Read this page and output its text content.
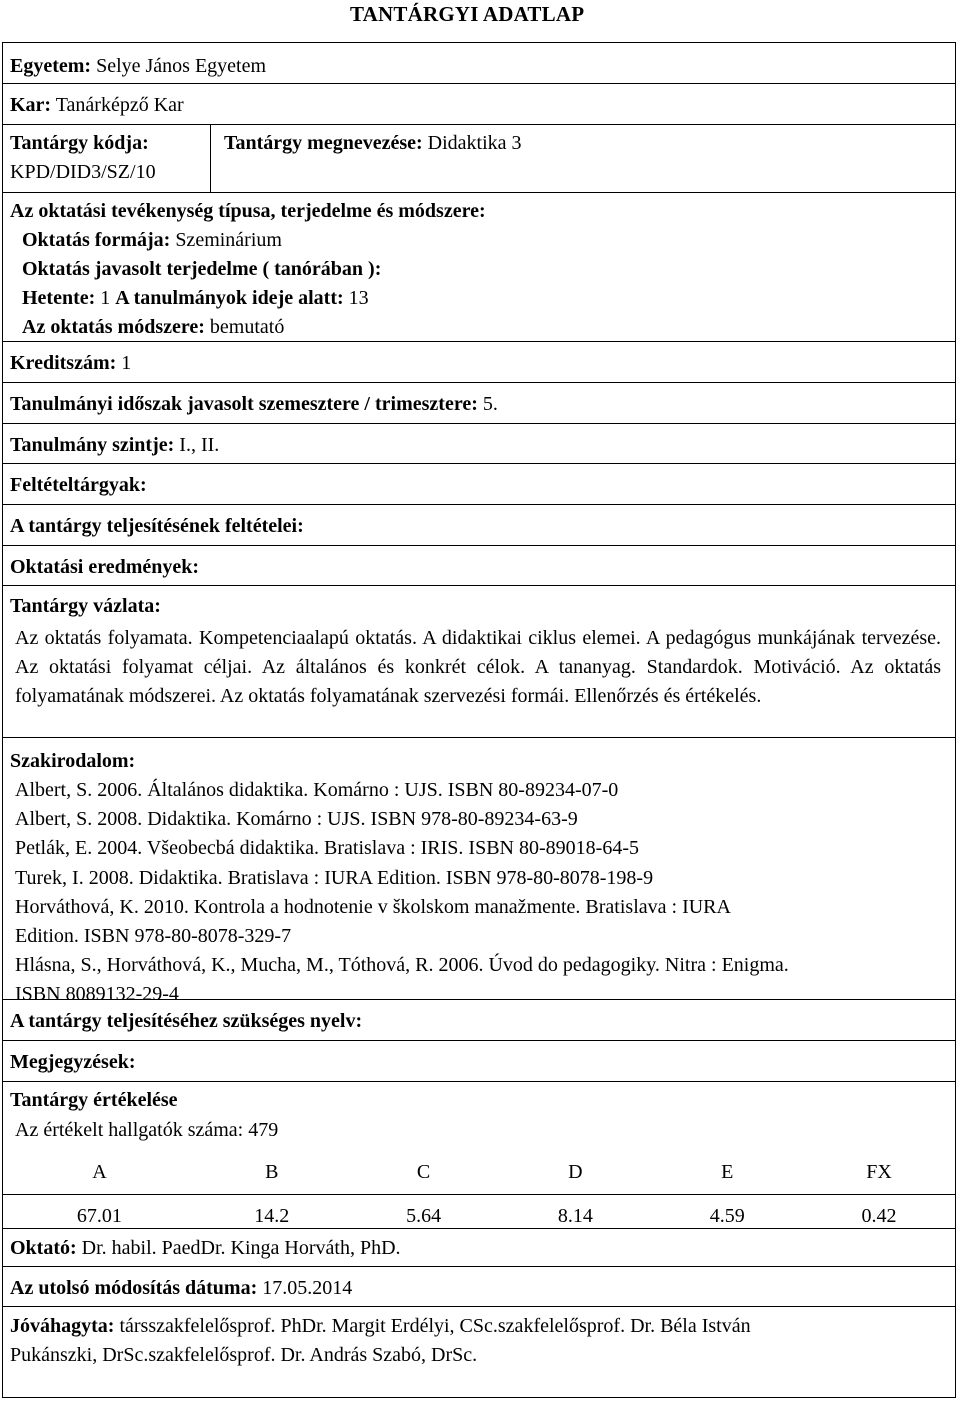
TANTÁRGYI ADATLAP
Egyetem: Selye János Egyetem
Kar: Tanárképző Kar
Tantárgy kódja:
KPD/DID3/SZ/10
Tantárgy megnevezése: Didaktika 3
Az oktatási tevékenység típusa, terjedelme és módszere:
Oktatás formája: Szeminárium
Oktatás javasolt terjedelme ( tanórában ):
Hetente: 1 A tanulmányok ideje alatt: 13
Az oktatás módszere: bemutató
Kreditszám: 1
Tanulmányi időszak javasolt szemesztere / trimesztere: 5.
Tanulmány szintje: I., II.
Feltételtárgyak:
A tantárgy teljesítésének feltételei:
Oktatási eredmények:
Tantárgy vázlata:
Az oktatás folyamata. Kompetenciaalapú oktatás. A didaktikai ciklus elemei. A pedagógus munkájának tervezése. Az oktatási folyamat céljai. Az általános és konkrét célok. A tananyag. Standardok. Motiváció. Az oktatás folyamatának módszerei. Az oktatás folyamatának szervezési formái. Ellenőrzés és értékelés.
Szakirodalom:
Albert, S. 2006. Általános didaktika. Komárno : UJS. ISBN 80-89234-07-0
Albert, S. 2008. Didaktika. Komárno : UJS. ISBN 978-80-89234-63-9
Petlák, E. 2004. Všeobecbá didaktika. Bratislava : IRIS. ISBN 80-89018-64-5
Turek, I. 2008. Didaktika. Bratislava : IURA Edition. ISBN 978-80-8078-198-9
Horváthová, K. 2010. Kontrola a hodnotenie v školskom manažmente. Bratislava : IURA
Edition. ISBN 978-80-8078-329-7
Hlásna, S., Horváthová, K., Mucha, M., Tóthová, R. 2006. Úvod do pedagogiky. Nitra : Enigma.
ISBN 8089132-29-4
A tantárgy teljesítéséhez szükséges nyelv:
Megjegyzések:
Tantárgy értékelése
Az értékelt hallgatók száma: 479
A	B	C	D	E	FX
67.01	14.2	5.64	8.14	4.59	0.42
Oktató: Dr. habil. PaedDr. Kinga Horváth, PhD.
Az utolsó módosítás dátuma: 17.05.2014
Jóváhagyta: társszakfelelősprof. PhDr. Margit Erdélyi, CSc.szakfelelősprof. Dr. Béla István
Pukánszki, DrSc.szakfelelősprof. Dr. András Szabó, DrSc.
